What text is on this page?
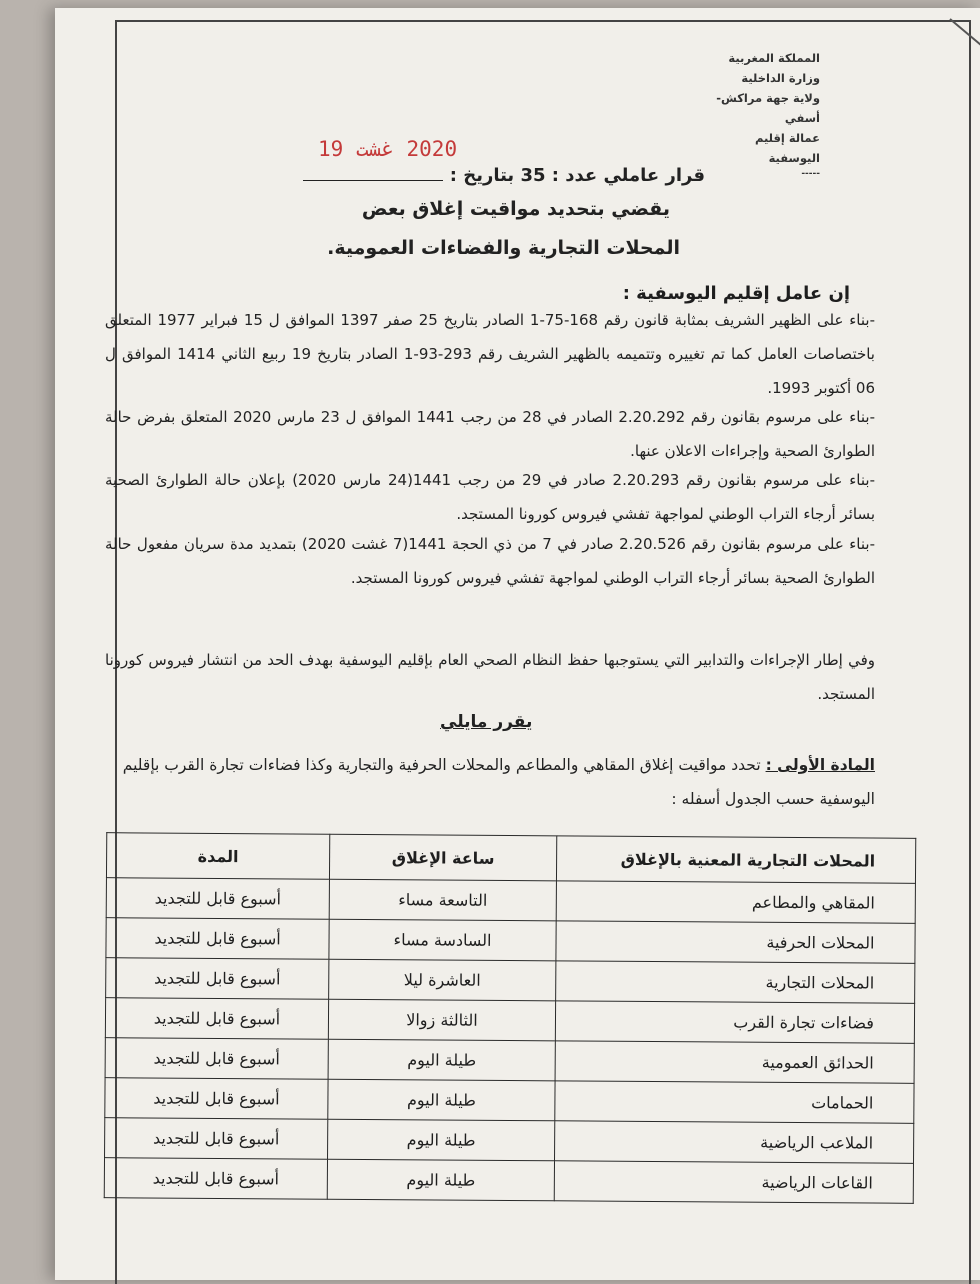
المملكة المغربية
وزارة الداخلية
ولاية جهة مراكش-أسفي
عمالة إقليم اليوسفية
-----
2020 غشت 19
قرار عاملي عدد : 35 بتاريخ :
يقضي بتحديد مواقيت إغلاق بعض
المحلات التجارية والفضاءات العمومية.
إن عامل إقليم اليوسفية :
-بناء على الظهير الشريف بمثابة قانون رقم 168-75-1 الصادر بتاريخ 25 صفر 1397 الموافق ل 15 فبراير 1977 المتعلق باختصاصات العامل كما تم تغييره وتتميمه بالظهير الشريف رقم 293-93-1 الصادر بتاريخ 19 ربيع الثاني 1414 الموافق ل 06 أكتوبر 1993.
-بناء على مرسوم بقانون رقم 2.20.292 الصادر في 28 من رجب 1441 الموافق ل 23 مارس 2020 المتعلق بفرض حالة الطوارئ الصحية وإجراءات الاعلان عنها.
-بناء على مرسوم بقانون رقم 2.20.293 صادر في 29 من رجب 1441(24 مارس 2020) بإعلان حالة الطوارئ الصحية بسائر أرجاء التراب الوطني لمواجهة تفشي فيروس كورونا المستجد.
-بناء على مرسوم بقانون رقم 2.20.526 صادر في 7 من ذي الحجة 1441(7 غشت 2020) بتمديد مدة سريان مفعول حالة الطوارئ الصحية بسائر أرجاء التراب الوطني لمواجهة تفشي فيروس كورونا المستجد.
وفي إطار الإجراءات والتدابير التي يستوجبها حفظ النظام الصحي العام بإقليم اليوسفية بهدف الحد من انتشار فيروس كورونا المستجد.
يقرر مايلي
المادة الأولى : تحدد مواقيت إغلاق المقاهي والمطاعم والمحلات الحرفية والتجارية وكذا فضاءات تجارة القرب بإقليم اليوسفية حسب الجدول أسفله :
المحلات التجارية المعنية بالإغلاق	ساعة الإغلاق	المدة
المقاهي والمطاعم	التاسعة مساء	أسبوع قابل للتجديد
المحلات الحرفية	السادسة مساء	أسبوع قابل للتجديد
المحلات التجارية	العاشرة ليلا	أسبوع قابل للتجديد
فضاءات تجارة القرب	الثالثة زوالا	أسبوع قابل للتجديد
الحدائق العمومية	طيلة اليوم	أسبوع قابل للتجديد
الحمامات	طيلة اليوم	أسبوع قابل للتجديد
الملاعب الرياضية	طيلة اليوم	أسبوع قابل للتجديد
القاعات الرياضية	طيلة اليوم	أسبوع قابل للتجديد
